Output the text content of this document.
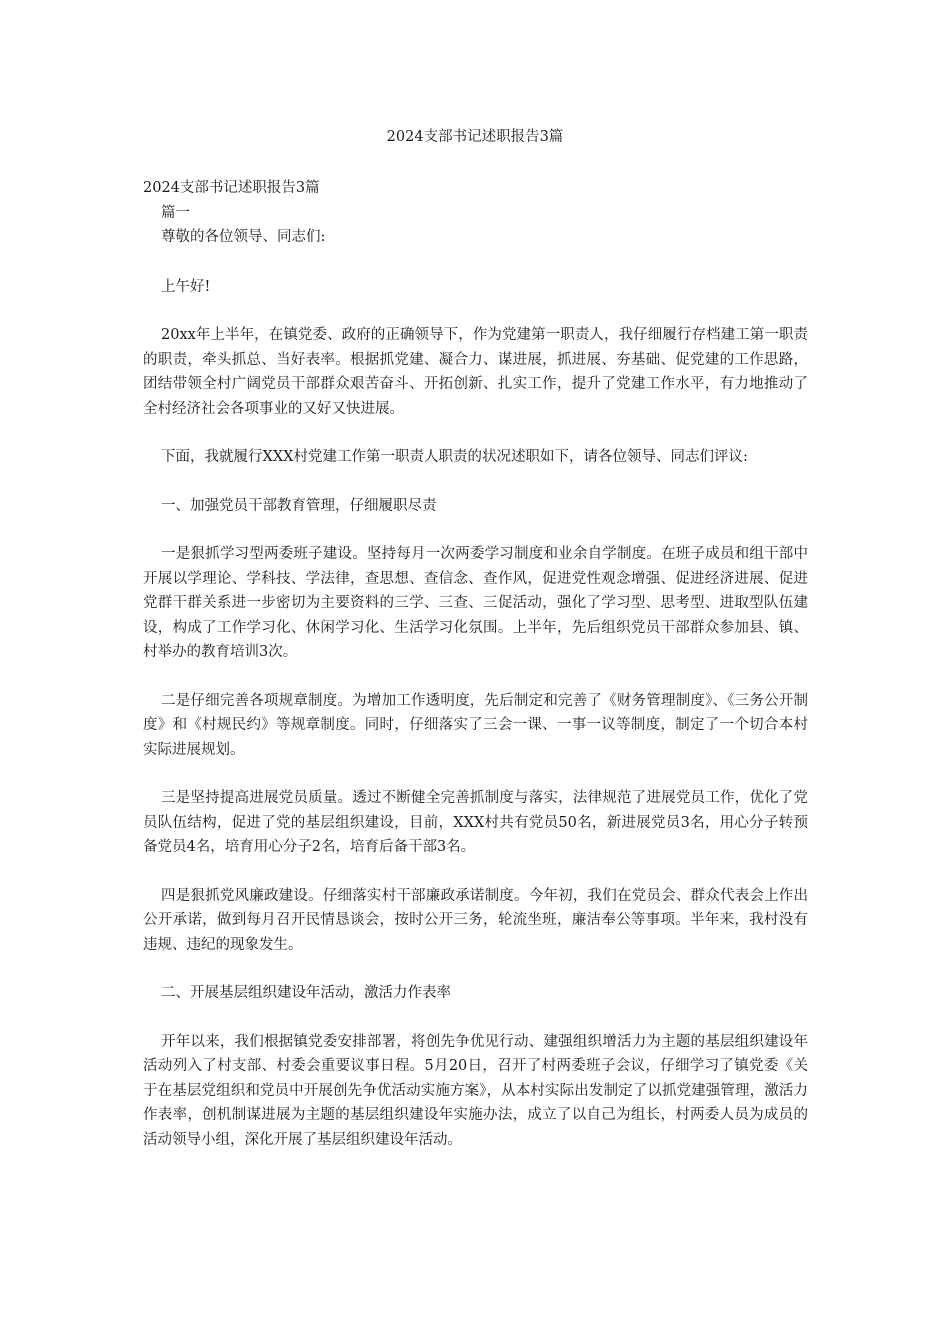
2024支部书记述职报告3篇

2024支部书记述职报告3篇

篇一

尊敬的各位领导、同志们:

上午好!

20xx年上半年，在镇党委、政府的正确领导下，作为党建第一职责人，我仔细履行存档建工第一职责的职责，牵头抓总、当好表率。根据抓党建、凝合力、谋进展，抓进展、夯基础、促党建的工作思路，团结带领全村广阔党员干部群众艰苦奋斗、开拓创新、扎实工作，提升了党建工作水平，有力地推动了全村经济社会各项事业的又好又快进展。

下面，我就履行XXX村党建工作第一职责人职责的状况述职如下，请各位领导、同志们评议:

一、加强党员干部教育管理，仔细履职尽责

一是狠抓学习型两委班子建设。坚持每月一次两委学习制度和业余自学制度。在班子成员和组干部中开展以学理论、学科技、学法律，查思想、查信念、查作风，促进党性观念增强、促进经济进展、促进党群干群关系进一步密切为主要资料的三学、三查、三促活动，强化了学习型、思考型、进取型队伍建设，构成了工作学习化、休闲学习化、生活学习化氛围。上半年，先后组织党员干部群众参加县、镇、村举办的教育培训3次。

二是仔细完善各项规章制度。为增加工作透明度，先后制定和完善了《财务管理制度》、《三务公开制度》和《村规民约》等规章制度。同时，仔细落实了三会一课、一事一议等制度，制定了一个切合本村实际进展规划。

三是坚持提高进展党员质量。透过不断健全完善抓制度与落实，法律规范了进展党员工作，优化了党员队伍结构，促进了党的基层组织建设，目前，XXX村共有党员50名，新进展党员3名，用心分子转预备党员4名，培育用心分子2名，培育后备干部3名。

四是狠抓党风廉政建设。仔细落实村干部廉政承诺制度。今年初，我们在党员会、群众代表会上作出公开承诺，做到每月召开民情恳谈会，按时公开三务，轮流坐班，廉洁奉公等事项。半年来，我村没有违规、违纪的现象发生。

二、开展基层组织建设年活动，激活力作表率

开年以来，我们根据镇党委安排部署，将创先争优见行动、建强组织增活力为主题的基层组织建设年活动列入了村支部、村委会重要议事日程。5月20日，召开了村两委班子会议，仔细学习了镇党委《关于在基层党组织和党员中开展创先争优活动实施方案》，从本村实际出发制定了以抓党建强管理，激活力作表率，创机制谋进展为主题的基层组织建设年实施办法，成立了以自己为组长，村两委人员为成员的活动领导小组，深化开展了基层组织建设年活动。
